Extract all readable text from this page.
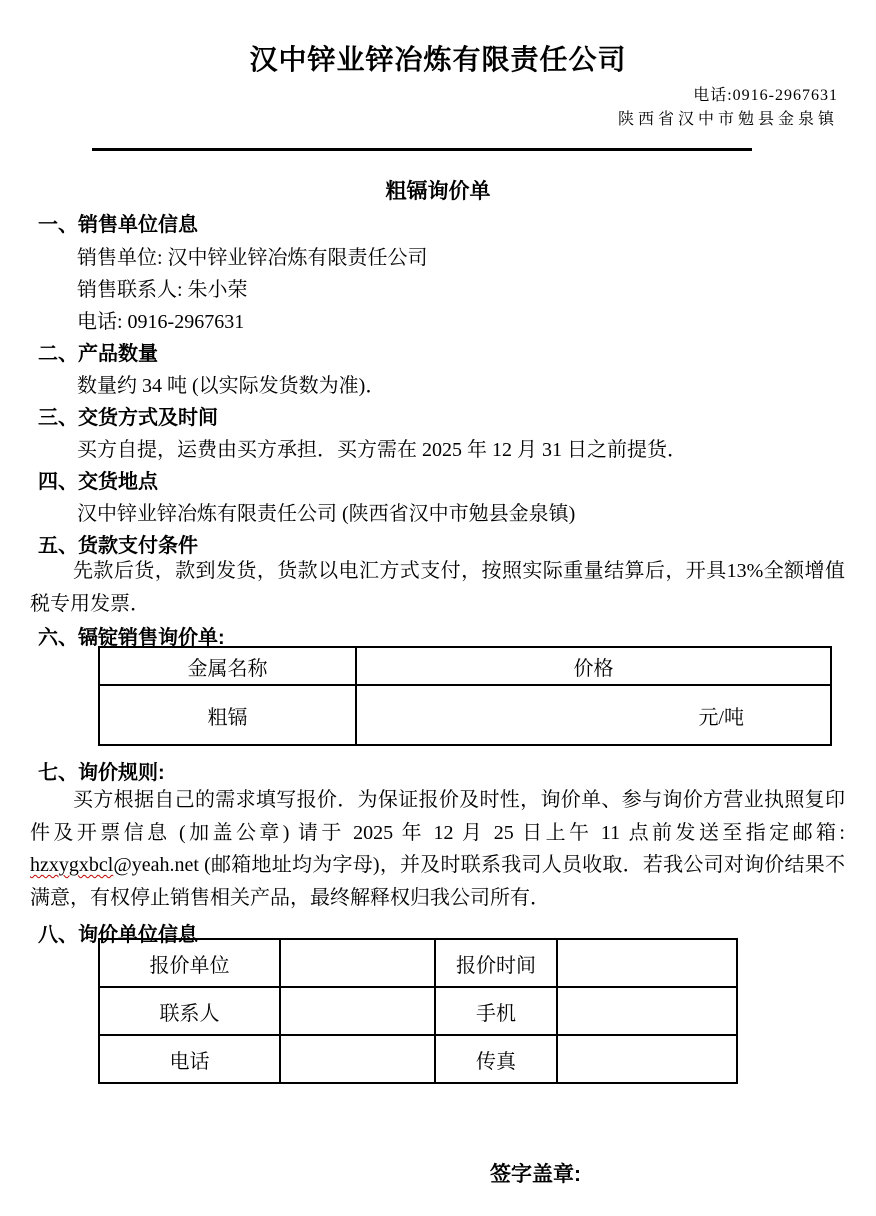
汉中锌业锌冶炼有限责任公司
电话:0916-2967631
陕西省汉中市勉县金泉镇
粗镉询价单
一、销售单位信息
销售单位: 汉中锌业锌冶炼有限责任公司
销售联系人: 朱小荣
电话: 0916-2967631
二、产品数量
数量约 34 吨 (以实际发货数为准)．
三、交货方式及时间
买方自提，运费由买方承担．买方需在 2025 年 12 月 31 日之前提货．
四、交货地点
汉中锌业锌冶炼有限责任公司 (陕西省汉中市勉县金泉镇)
五、货款支付条件
先款后货，款到发货，货款以电汇方式支付，按照实际重量结算后，开具13%全额增值税专用发票．
六、镉锭销售询价单:
金属名称	价格
粗镉	元/吨
七、询价规则:
买方根据自己的需求填写报价．为保证报价及时性，询价单、参与询价方营业执照复印件及开票信息 (加盖公章) 请于 2025 年 12 月 25 日上午 11 点前发送至指定邮箱: hzxygxbcl@yeah.net (邮箱地址均为字母)，并及时联系我司人员收取．若我公司对询价结果不满意，有权停止销售相关产品，最终解释权归我公司所有．
八、询价单位信息
报价单位		报价时间	
联系人		手机	
电话		传真	
签字盖章:
